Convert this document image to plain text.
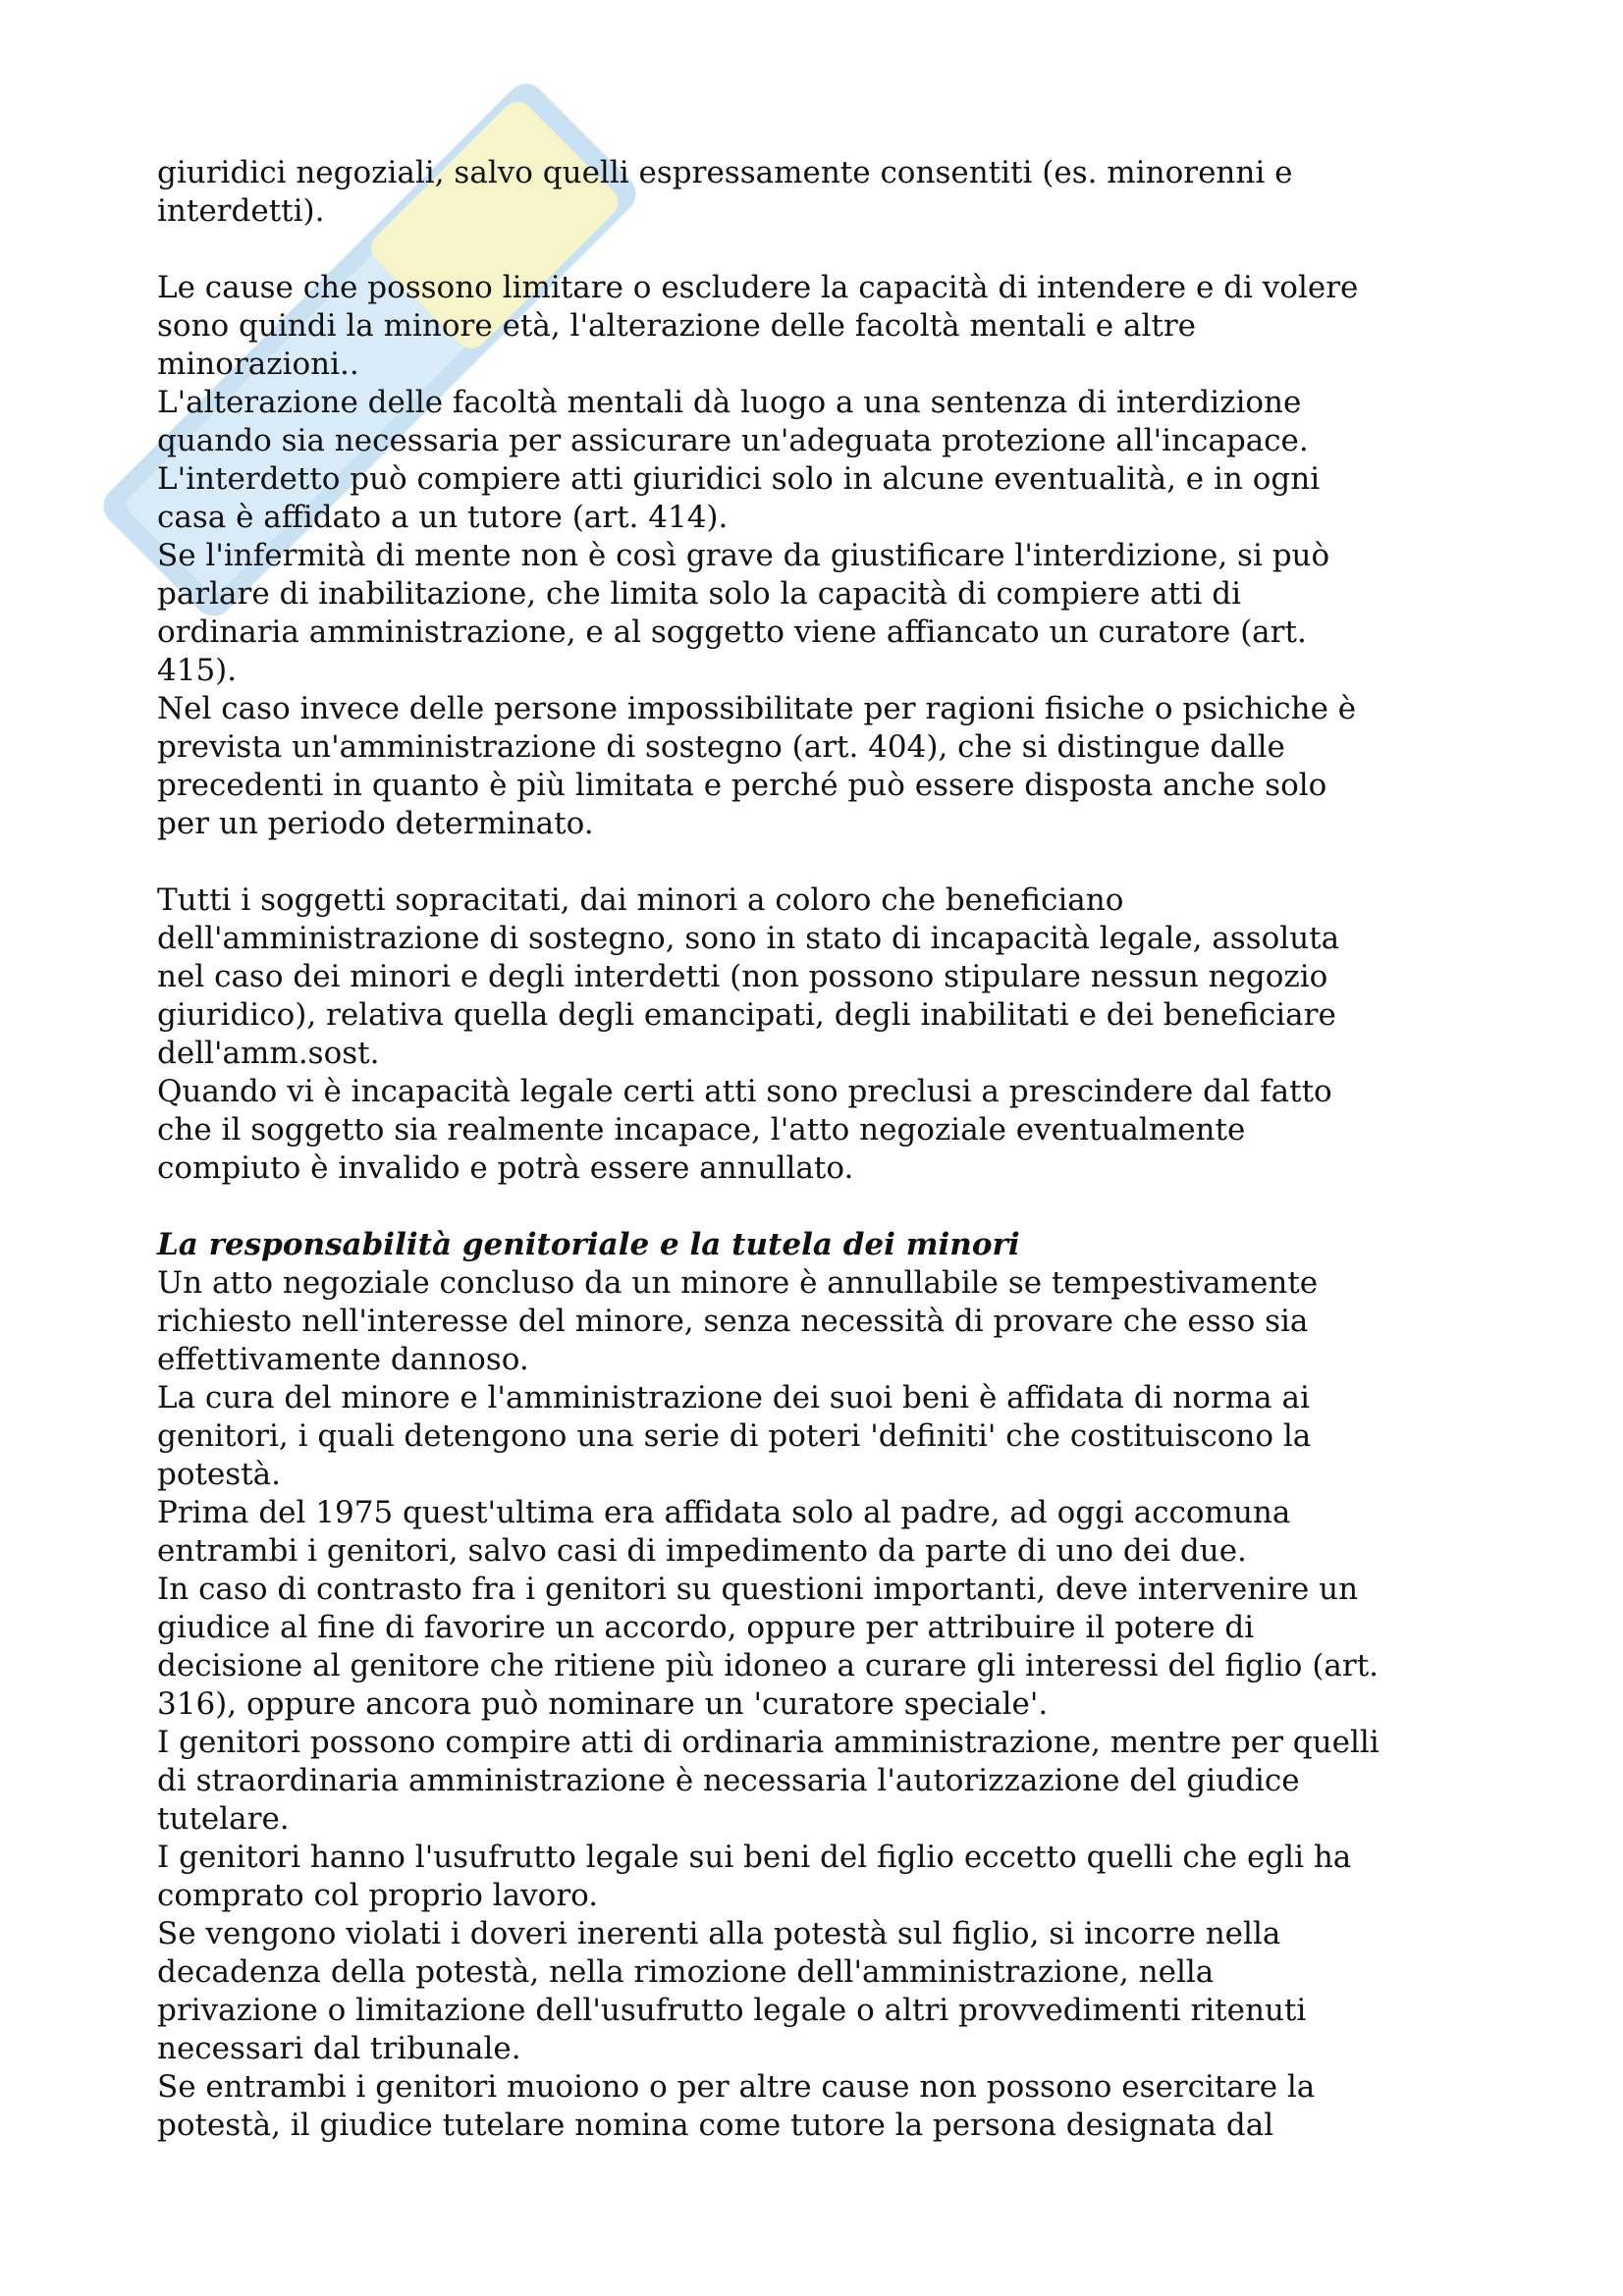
giuridici negoziali, salvo quelli espressamente consentiti (es. minorenni e
interdetti).
Le cause che possono limitare o escludere la capacità di intendere e di volere
sono quindi la minore età, l'alterazione delle facoltà mentali e altre
minorazioni..
L'alterazione delle facoltà mentali dà luogo a una sentenza di interdizione
quando sia necessaria per assicurare un'adeguata protezione all'incapace.
L'interdetto può compiere atti giuridici solo in alcune eventualità, e in ogni
casa è affidato a un tutore (art. 414).
Se l'infermità di mente non è così grave da giustificare l'interdizione, si può
parlare di inabilitazione, che limita solo la capacità di compiere atti di
ordinaria amministrazione, e al soggetto viene affiancato un curatore (art.
415).
Nel caso invece delle persone impossibilitate per ragioni fisiche o psichiche è
prevista un'amministrazione di sostegno (art. 404), che si distingue dalle
precedenti in quanto è più limitata e perché può essere disposta anche solo
per un periodo determinato.
Tutti i soggetti sopracitati, dai minori a coloro che beneficiano
dell'amministrazione di sostegno, sono in stato di incapacità legale, assoluta
nel caso dei minori e degli interdetti (non possono stipulare nessun negozio
giuridico), relativa quella degli emancipati, degli inabilitati e dei beneficiare
dell'amm.sost.
Quando vi è incapacità legale certi atti sono preclusi a prescindere dal fatto
che il soggetto sia realmente incapace, l'atto negoziale eventualmente
compiuto è invalido e potrà essere annullato.
La responsabilità genitoriale e la tutela dei minori
Un atto negoziale concluso da un minore è annullabile se tempestivamente
richiesto nell'interesse del minore, senza necessità di provare che esso sia
effettivamente dannoso.
La cura del minore e l'amministrazione dei suoi beni è affidata di norma ai
genitori, i quali detengono una serie di poteri 'definiti' che costituiscono la
potestà.
Prima del 1975 quest'ultima era affidata solo al padre, ad oggi accomuna
entrambi i genitori, salvo casi di impedimento da parte di uno dei due.
In caso di contrasto fra i genitori su questioni importanti, deve intervenire un
giudice al fine di favorire un accordo, oppure per attribuire il potere di
decisione al genitore che ritiene più idoneo a curare gli interessi del figlio (art.
316), oppure ancora può nominare un 'curatore speciale'.
I genitori possono compire atti di ordinaria amministrazione, mentre per quelli
di straordinaria amministrazione è necessaria l'autorizzazione del giudice
tutelare.
I genitori hanno l'usufrutto legale sui beni del figlio eccetto quelli che egli ha
comprato col proprio lavoro.
Se vengono violati i doveri inerenti alla potestà sul figlio, si incorre nella
decadenza della potestà, nella rimozione dell'amministrazione, nella
privazione o limitazione dell'usufrutto legale o altri provvedimenti ritenuti
necessari dal tribunale.
Se entrambi i genitori muoiono o per altre cause non possono esercitare la
potestà, il giudice tutelare nomina come tutore la persona designata dal
